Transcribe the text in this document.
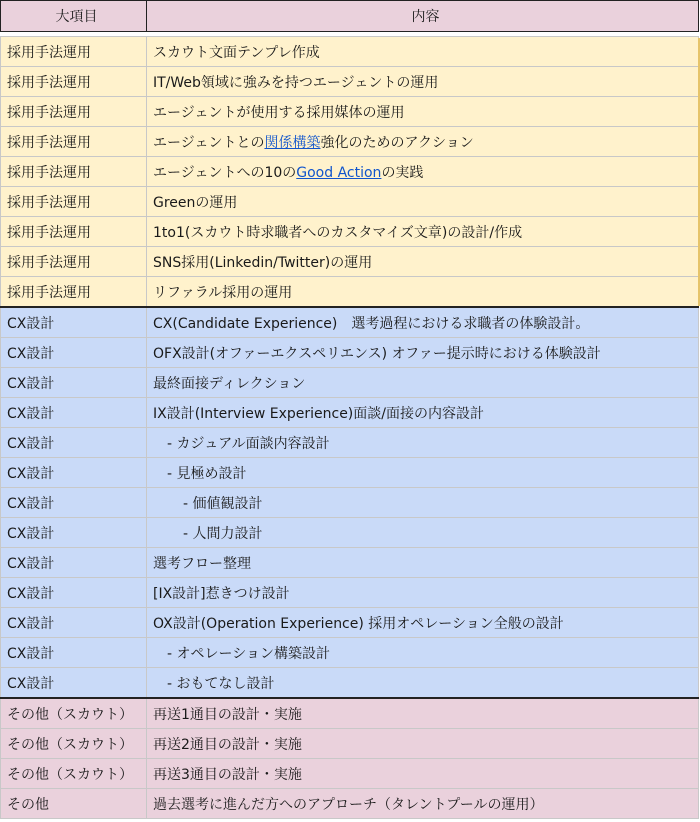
大項目	内容

採用手法運用	スカウト文面テンプレ作成
採用手法運用	IT/Web領域に強みを持つエージェントの運用
採用手法運用	エージェントが使用する採用媒体の運用
採用手法運用	エージェントとの関係構築強化のためのアクション
採用手法運用	エージェントへの10のGood Actionの実践
採用手法運用	Greenの運用
採用手法運用	1to1(スカウト時求職者へのカスタマイズ文章)の設計/作成
採用手法運用	SNS採用(Linkedin/Twitter)の運用
採用手法運用	リファラル採用の運用
CX設計	CX(Candidate Experience)　選考過程における求職者の体験設計。
CX設計	OFX設計(オファーエクスペリエンス) オファー提示時における体験設計
CX設計	最終面接ディレクション
CX設計	IX設計(Interview Experience)面談/面接の内容設計
CX設計	- カジュアル面談内容設計
CX設計	- 見極め設計
CX設計	- 価値観設計
CX設計	- 人間力設計
CX設計	選考フロー整理
CX設計	[IX設計]惹きつけ設計
CX設計	OX設計(Operation Experience) 採用オペレーション全般の設計
CX設計	- オペレーション構築設計
CX設計	- おもてなし設計
その他（スカウト）	再送1通目の設計・実施
その他（スカウト）	再送2通目の設計・実施
その他（スカウト）	再送3通目の設計・実施
その他	過去選考に進んだ方へのアプローチ（タレントプールの運用）
